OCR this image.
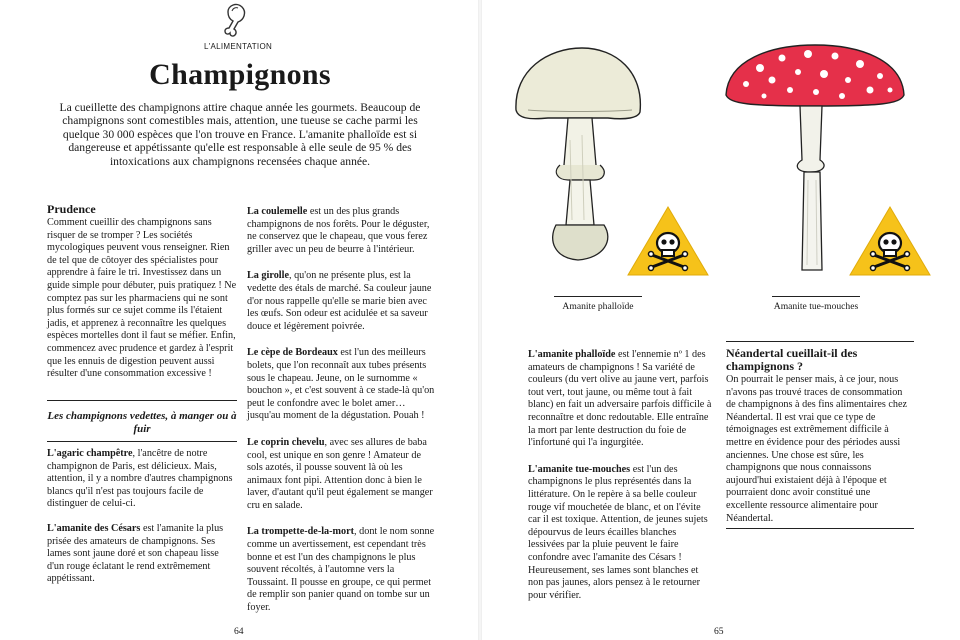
L'ALIMENTATION
Champignons
La cueillette des champignons attire chaque année les gourmets. Beaucoup de champignons sont comestibles mais, attention, une tueuse se cache parmi les quelque 30 000 espèces que l'on trouve en France. L'amanite phalloïde est si dangereuse et appétissante qu'elle est responsable à elle seule de 95 % des intoxications aux champignons recensées chaque année.
Prudence

Comment cueillir des champignons sans risquer de se tromper ? Les sociétés mycologiques peuvent vous renseigner. Rien de tel que de côtoyer des spécialistes pour apprendre à faire le tri. Investissez dans un guide simple pour débuter, puis pratiquez ! Ne comptez pas sur les pharmaciens qui ne sont plus formés sur ce sujet comme ils l'étaient jadis, et apprenez à reconnaître les quelques espèces mortelles dont il faut se méfier. Enfin, commencez avec prudence et gardez à l'esprit que les ennuis de digestion peuvent aussi résulter d'une consommation excessive !

Les champignons vedettes, à manger ou à fuir

L'agaric champêtre, l'ancêtre de notre champignon de Paris, est délicieux. Mais, attention, il y a nombre d'autres champignons blancs qu'il n'est pas toujours facile de distinguer de celui-ci.

L'amanite des Césars est l'amanite la plus prisée des amateurs de champignons. Ses lames sont jaune doré et son chapeau lisse d'un rouge éclatant le rend extrêmement appétissant.

La coulemelle est un des plus grands champignons de nos forêts. Pour le déguster, ne conservez que le chapeau, que vous ferez griller avec un peu de beurre à l'intérieur.

La girolle, qu'on ne présente plus, est la vedette des étals de marché. Sa couleur jaune d'or nous rappelle qu'elle se marie bien avec les œufs. Son odeur est acidulée et sa saveur douce et légèrement poivrée.

Le cèpe de Bordeaux est l'un des meilleurs bolets, que l'on reconnaît aux tubes présents sous le chapeau. Jeune, on le surnomme « bouchon », et c'est souvent à ce stade-là qu'on peut le confondre avec le bolet amer… jusqu'au moment de la dégustation. Pouah !

Le coprin chevelu, avec ses allures de baba cool, est unique en son genre ! Amateur de sols azotés, il pousse souvent là où les animaux font pipi. Attention donc à bien le laver, d'autant qu'il peut également se manger cru en salade.

La trompette-de-la-mort, dont le nom sonne comme un avertissement, est cependant très bonne et est l'un des champignons le plus souvent récoltés, à l'automne vers la Toussaint. Il pousse en groupe, ce qui permet de remplir son panier quand on tombe sur un foyer.

Amanite phalloïde	Amanite tue-mouches

L'amanite phalloïde est l'ennemie nº 1 des amateurs de champignons ! Sa variété de couleurs (du vert olive au jaune vert, parfois tout vert, tout jaune, ou même tout à fait blanc) en fait un adversaire parfois difficile à reconnaître et donc redoutable. Elle entraîne la mort par lente destruction du foie de l'infortuné qui l'a ingurgitée.

L'amanite tue-mouches est l'un des champignons le plus représentés dans la littérature. On le repère à sa belle couleur rouge vif mouchetée de blanc, et on l'évite car il est toxique. Attention, de jeunes sujets dépourvus de leurs écailles blanches lessivées par la pluie peuvent le faire confondre avec l'amanite des Césars ! Heureusement, ses lames sont blanches et non pas jaunes, alors pensez à le retourner pour vérifier.

Néandertal cueillait-il des champignons ?

On pourrait le penser mais, à ce jour, nous n'avons pas trouvé traces de consommation de champignons à des fins alimentaires chez Néandertal. Il est vrai que ce type de témoignages est extrêmement difficile à mettre en évidence pour des périodes aussi anciennes. Une chose est sûre, les champignons que nous connaissons aujourd'hui existaient déjà à l'époque et pourraient donc avoir constitué une excellente ressource alimentaire pour Néandertal.

64	65
